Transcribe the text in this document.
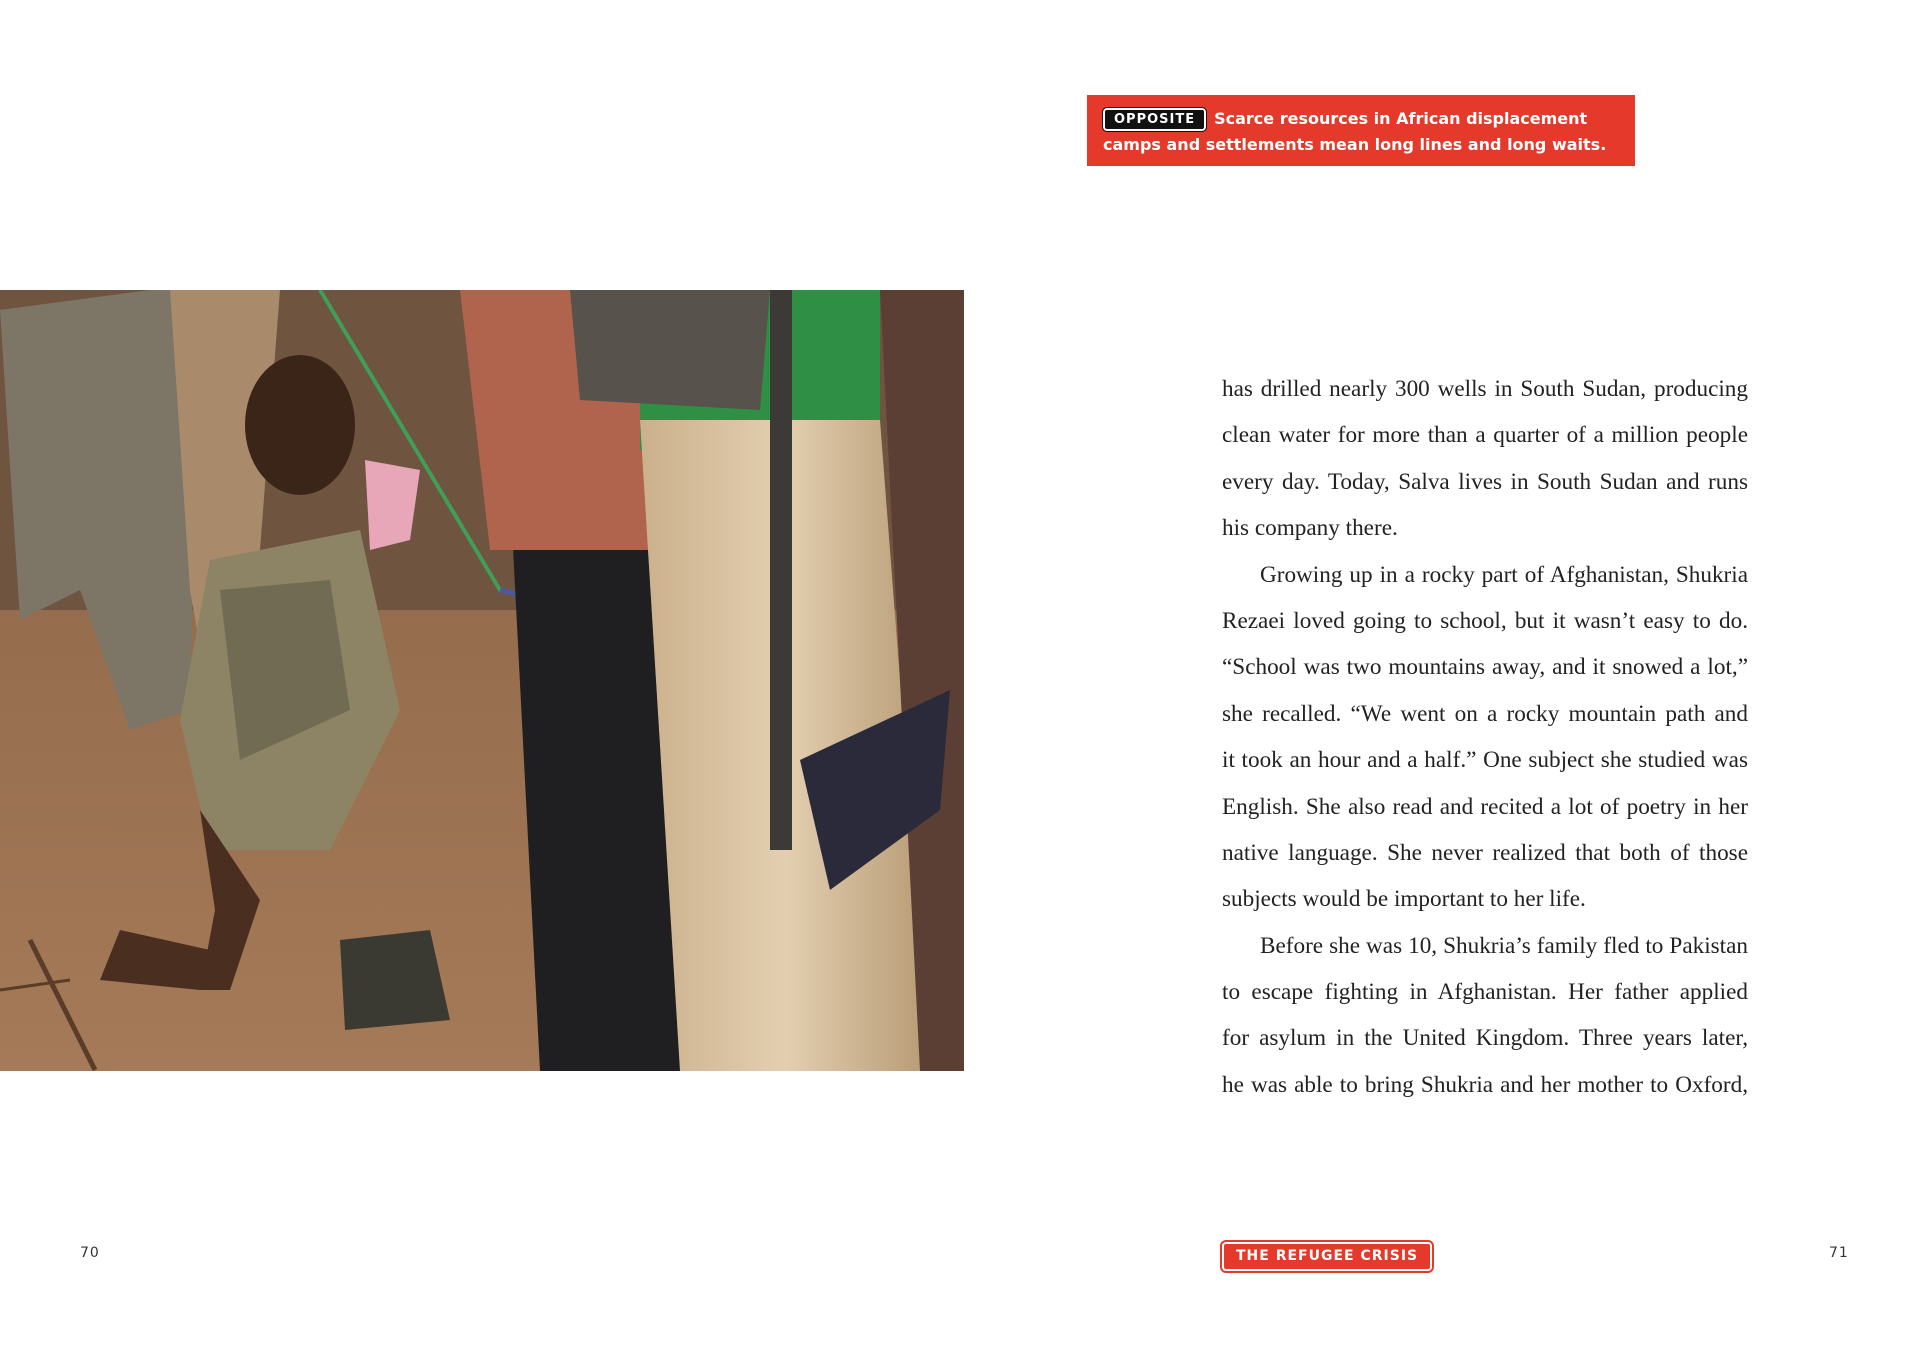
OPPOSITE Scarce resources in African displacement camps and settlements mean long lines and long waits.
has drilled nearly 300 wells in South Sudan, producing
clean water for more than a quarter of a million people
every day. Today, Salva lives in South Sudan and runs
his company there.
Growing up in a rocky part of Afghanistan, Shukria
Rezaei loved going to school, but it wasn’t easy to do.
“School was two mountains away, and it snowed a lot,”
she recalled. “We went on a rocky mountain path and
it took an hour and a half.” One subject she studied was
English. She also read and recited a lot of poetry in her
native language. She never realized that both of those
subjects would be important to her life.
Before she was 10, Shukria’s family fled to Pakistan
to escape fighting in Afghanistan. Her father applied
for asylum in the United Kingdom. Three years later,
he was able to bring Shukria and her mother to Oxford,
70	THE REFUGEE CRISIS	71
